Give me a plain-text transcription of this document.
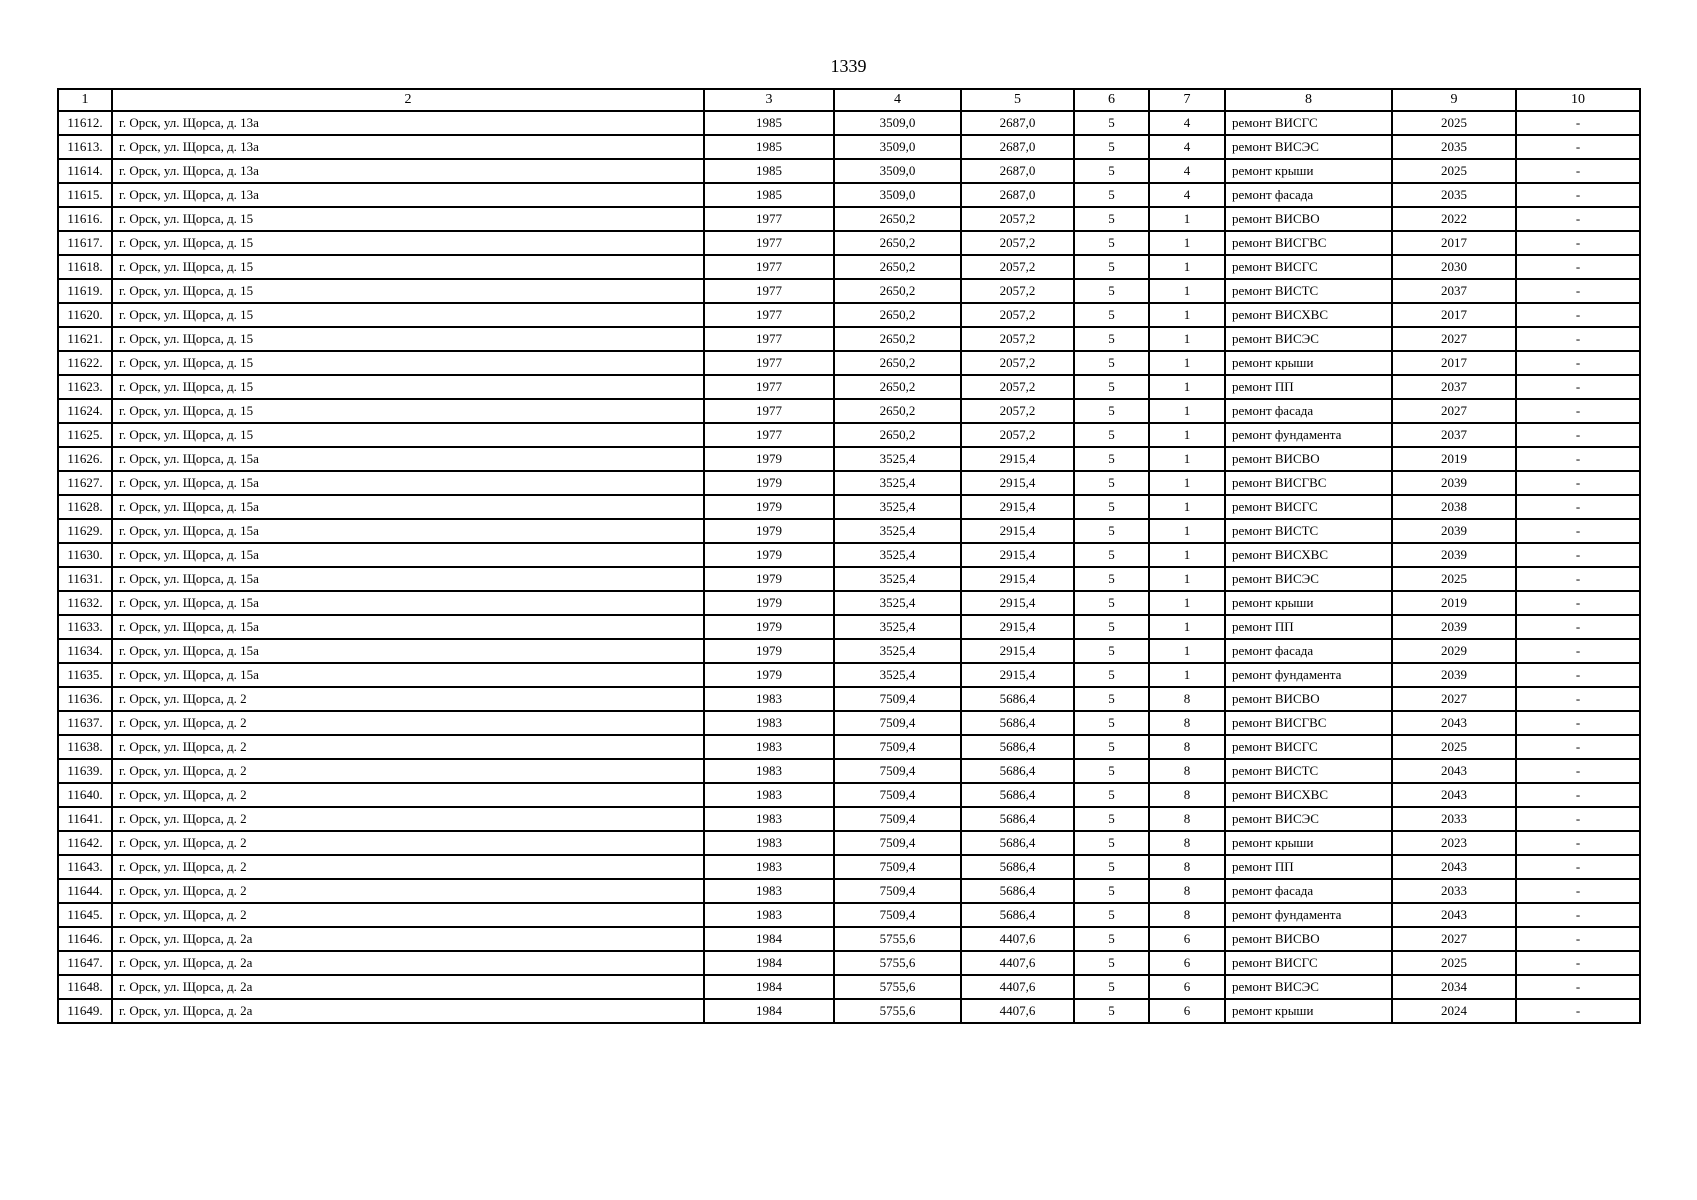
1339
1	2	3	4	5	6	7	8	9	10
11612.	г. Орск, ул. Щорса, д. 13а	1985	3509,0	2687,0	5	4	ремонт ВИСГС	2025	-
11613.	г. Орск, ул. Щорса, д. 13а	1985	3509,0	2687,0	5	4	ремонт ВИСЭС	2035	-
11614.	г. Орск, ул. Щорса, д. 13а	1985	3509,0	2687,0	5	4	ремонт крыши	2025	-
11615.	г. Орск, ул. Щорса, д. 13а	1985	3509,0	2687,0	5	4	ремонт фасада	2035	-
11616.	г. Орск, ул. Щорса, д. 15	1977	2650,2	2057,2	5	1	ремонт ВИСВО	2022	-
11617.	г. Орск, ул. Щорса, д. 15	1977	2650,2	2057,2	5	1	ремонт ВИСГВС	2017	-
11618.	г. Орск, ул. Щорса, д. 15	1977	2650,2	2057,2	5	1	ремонт ВИСГС	2030	-
11619.	г. Орск, ул. Щорса, д. 15	1977	2650,2	2057,2	5	1	ремонт ВИСТС	2037	-
11620.	г. Орск, ул. Щорса, д. 15	1977	2650,2	2057,2	5	1	ремонт ВИСХВС	2017	-
11621.	г. Орск, ул. Щорса, д. 15	1977	2650,2	2057,2	5	1	ремонт ВИСЭС	2027	-
11622.	г. Орск, ул. Щорса, д. 15	1977	2650,2	2057,2	5	1	ремонт крыши	2017	-
11623.	г. Орск, ул. Щорса, д. 15	1977	2650,2	2057,2	5	1	ремонт ПП	2037	-
11624.	г. Орск, ул. Щорса, д. 15	1977	2650,2	2057,2	5	1	ремонт фасада	2027	-
11625.	г. Орск, ул. Щорса, д. 15	1977	2650,2	2057,2	5	1	ремонт фундамента	2037	-
11626.	г. Орск, ул. Щорса, д. 15а	1979	3525,4	2915,4	5	1	ремонт ВИСВО	2019	-
11627.	г. Орск, ул. Щорса, д. 15а	1979	3525,4	2915,4	5	1	ремонт ВИСГВС	2039	-
11628.	г. Орск, ул. Щорса, д. 15а	1979	3525,4	2915,4	5	1	ремонт ВИСГС	2038	-
11629.	г. Орск, ул. Щорса, д. 15а	1979	3525,4	2915,4	5	1	ремонт ВИСТС	2039	-
11630.	г. Орск, ул. Щорса, д. 15а	1979	3525,4	2915,4	5	1	ремонт ВИСХВС	2039	-
11631.	г. Орск, ул. Щорса, д. 15а	1979	3525,4	2915,4	5	1	ремонт ВИСЭС	2025	-
11632.	г. Орск, ул. Щорса, д. 15а	1979	3525,4	2915,4	5	1	ремонт крыши	2019	-
11633.	г. Орск, ул. Щорса, д. 15а	1979	3525,4	2915,4	5	1	ремонт ПП	2039	-
11634.	г. Орск, ул. Щорса, д. 15а	1979	3525,4	2915,4	5	1	ремонт фасада	2029	-
11635.	г. Орск, ул. Щорса, д. 15а	1979	3525,4	2915,4	5	1	ремонт фундамента	2039	-
11636.	г. Орск, ул. Щорса, д. 2	1983	7509,4	5686,4	5	8	ремонт ВИСВО	2027	-
11637.	г. Орск, ул. Щорса, д. 2	1983	7509,4	5686,4	5	8	ремонт ВИСГВС	2043	-
11638.	г. Орск, ул. Щорса, д. 2	1983	7509,4	5686,4	5	8	ремонт ВИСГС	2025	-
11639.	г. Орск, ул. Щорса, д. 2	1983	7509,4	5686,4	5	8	ремонт ВИСТС	2043	-
11640.	г. Орск, ул. Щорса, д. 2	1983	7509,4	5686,4	5	8	ремонт ВИСХВС	2043	-
11641.	г. Орск, ул. Щорса, д. 2	1983	7509,4	5686,4	5	8	ремонт ВИСЭС	2033	-
11642.	г. Орск, ул. Щорса, д. 2	1983	7509,4	5686,4	5	8	ремонт крыши	2023	-
11643.	г. Орск, ул. Щорса, д. 2	1983	7509,4	5686,4	5	8	ремонт ПП	2043	-
11644.	г. Орск, ул. Щорса, д. 2	1983	7509,4	5686,4	5	8	ремонт фасада	2033	-
11645.	г. Орск, ул. Щорса, д. 2	1983	7509,4	5686,4	5	8	ремонт фундамента	2043	-
11646.	г. Орск, ул. Щорса, д. 2а	1984	5755,6	4407,6	5	6	ремонт ВИСВО	2027	-
11647.	г. Орск, ул. Щорса, д. 2а	1984	5755,6	4407,6	5	6	ремонт ВИСГС	2025	-
11648.	г. Орск, ул. Щорса, д. 2а	1984	5755,6	4407,6	5	6	ремонт ВИСЭС	2034	-
11649.	г. Орск, ул. Щорса, д. 2а	1984	5755,6	4407,6	5	6	ремонт крыши	2024	-
